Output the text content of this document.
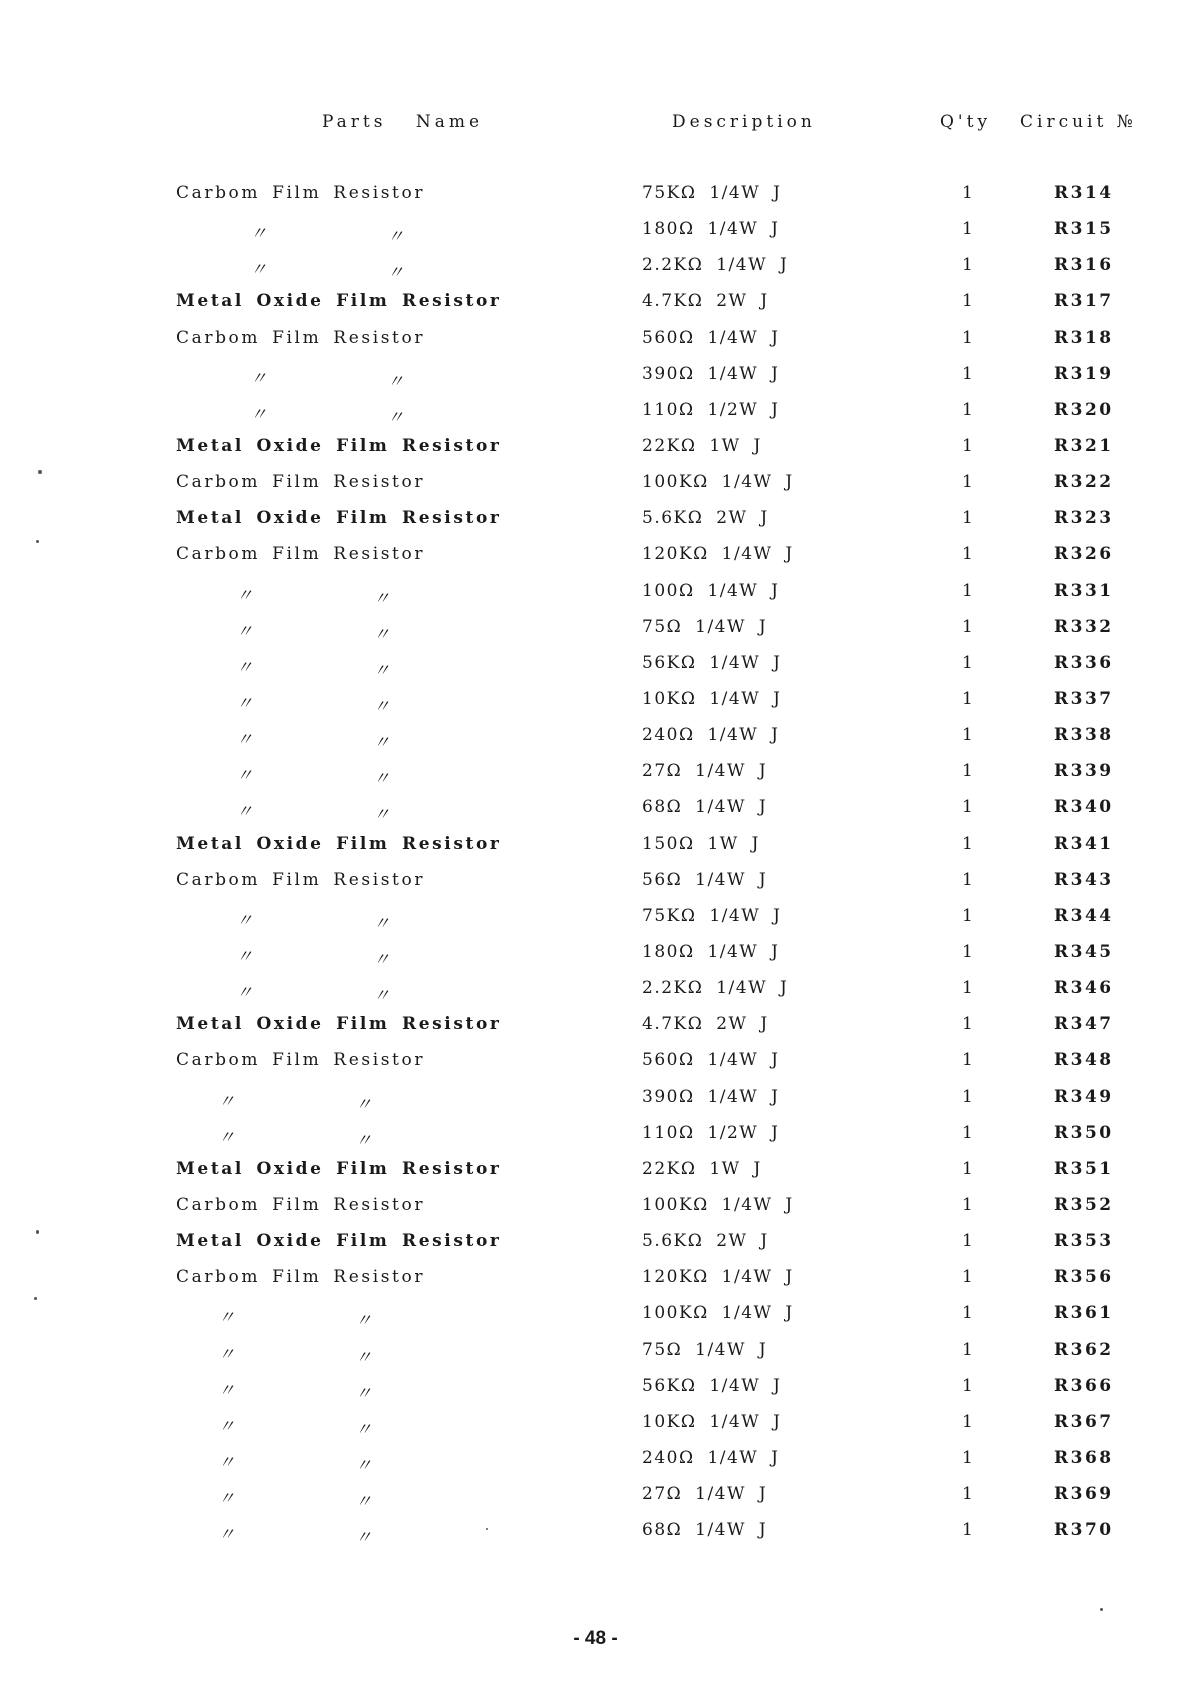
Parts Name	Description	Q'ty Circuit №
Carbom Film Resistor	75KΩ 1/4W J	1	R314
〃	〃	180Ω 1/4W J	1	R315
〃	〃	2.2KΩ 1/4W J	1	R316
Metal Oxide Film Resistor	4.7KΩ 2W J	1	R317
Carbom Film Resistor	560Ω 1/4W J	1	R318
〃	〃	390Ω 1/4W J	1	R319
〃	〃	110Ω 1/2W J	1	R320
Metal Oxide Film Resistor	22KΩ 1W J	1	R321
Carbom Film Resistor	100KΩ 1/4W J	1	R322
Metal Oxide Film Resistor	5.6KΩ 2W J	1	R323
Carbom Film Resistor	120KΩ 1/4W J	1	R326
〃	〃	100Ω 1/4W J	1	R331
〃	〃	75Ω 1/4W J	1	R332
〃	〃	56KΩ 1/4W J	1	R336
〃	〃	10KΩ 1/4W J	1	R337
〃	〃	240Ω 1/4W J	1	R338
〃	〃	27Ω 1/4W J	1	R339
〃	〃	68Ω 1/4W J	1	R340
Metal Oxide Film Resistor	150Ω 1W J	1	R341
Carbom Film Resistor	56Ω 1/4W J	1	R343
〃	〃	75KΩ 1/4W J	1	R344
〃	〃	180Ω 1/4W J	1	R345
〃	〃	2.2KΩ 1/4W J	1	R346
Metal Oxide Film Resistor	4.7KΩ 2W J	1	R347
Carbom Film Resistor	560Ω 1/4W J	1	R348
〃	〃	390Ω 1/4W J	1	R349
〃	〃	110Ω 1/2W J	1	R350
Metal Oxide Film Resistor	22KΩ 1W J	1	R351
Carbom Film Resistor	100KΩ 1/4W J	1	R352
Metal Oxide Film Resistor	5.6KΩ 2W J	1	R353
Carbom Film Resistor	120KΩ 1/4W J	1	R356
〃	〃	100KΩ 1/4W J	1	R361
〃	〃	75Ω 1/4W J	1	R362
〃	〃	56KΩ 1/4W J	1	R366
〃	〃	10KΩ 1/4W J	1	R367
〃	〃	240Ω 1/4W J	1	R368
〃	〃	27Ω 1/4W J	1	R369
〃	〃	68Ω 1/4W J	1	R370
- 48 -
